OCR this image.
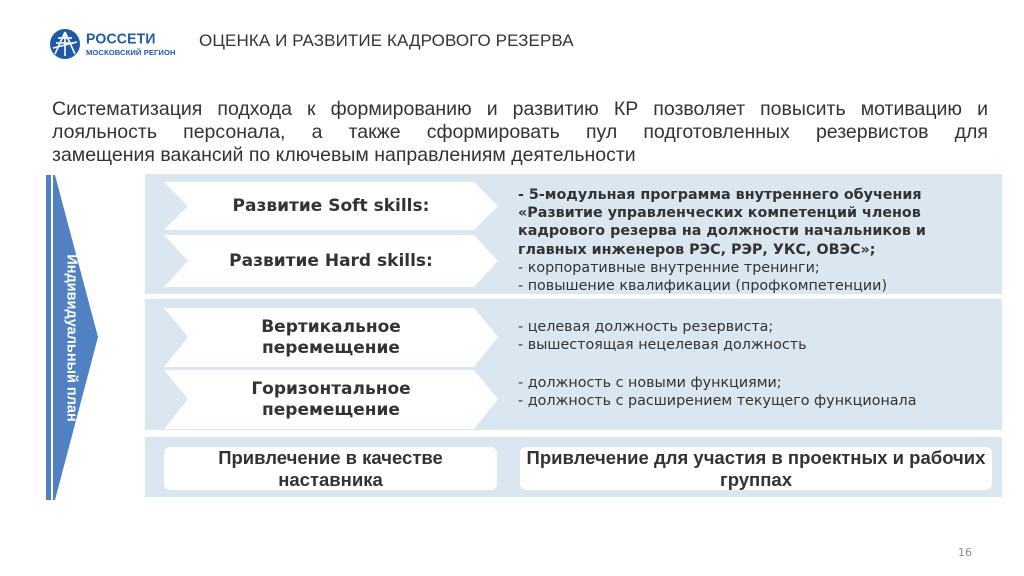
РОССЕТИ
МОСКОВСКИЙ РЕГИОН
ОЦЕНКА И РАЗВИТИЕ КАДРОВОГО РЕЗЕРВА
Систематизация подхода к формированию и развитию КР позволяет повысить мотивацию и
лояльность персонала, а также сформировать пул подготовленных резервистов для
замещения вакансий по ключевым направлениям деятельности
Индивидуальный план
Развитие Soft skills:
Развитие Hard skills:
Вертикальное перемещение
Горизонтальное перемещение
- 5-модульная программа внутреннего обучения
«Развитие управленческих компетенций членов
кадрового резерва на должности начальников и
главных инженеров РЭС, РЭР, УКС, ОВЭС»;
- корпоративные внутренние тренинги;
- повышение квалификации (профкомпетенции)
- целевая должность резервиста;
- вышестоящая нецелевая должность
- должность с новыми функциями;
- должность с расширением текущего функционала
Привлечение в качестве наставника
Привлечение для участия в проектных и рабочих группах
16
